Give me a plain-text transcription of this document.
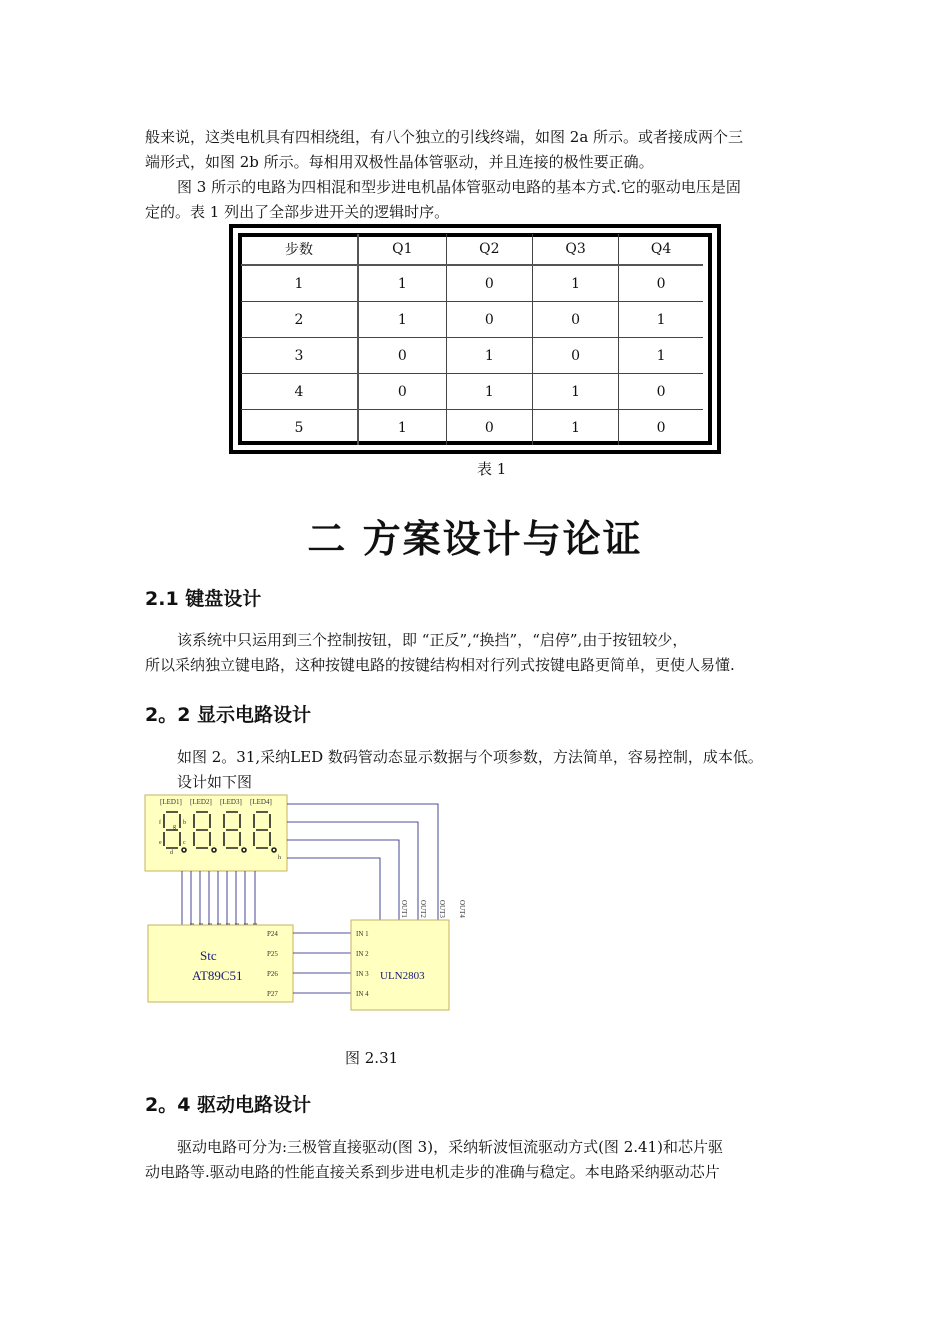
般来说，这类电机具有四相绕组，有八个独立的引线终端，如图 2a 所示。或者接成两个三
端形式，如图 2b 所示。每相用双极性晶体管驱动，并且连接的极性要正确。
图 3 所示的电路为四相混和型步进电机晶体管驱动电路的基本方式.它的驱动电压是固
定的。表 1 列出了全部步进开关的逻辑时序。
步数	Q1	Q2	Q3	Q4
1	1	0	1	0
2	1	0	0	1
3	0	1	0	1
4	0	1	1	0
5	1	0	1	0
表 1
二 方案设计与论证
2.1 键盘设计
该系统中只运用到三个控制按钮，即 “正反”,“换挡”，“启停”,由于按钮较少，
所以采纳独立键电路，这种按键电路的按键结构相对行列式按键电路更简单，更使人易懂.
2。2 显示电路设计
如图 2。31,采纳LED 数码管动态显示数据与个项参数，方法简单，容易控制，成本低。
设计如下图
[LED1] [LED2] [LED3] [LED4]
f
g
b
e	c
d
h
OUT1 OUT2 OUT3 OUT4
Stc
AT89C51
P24
P25
P26
P27
IN 1
IN 2
IN 3
IN 4
ULN2803
图 2.31
2。4 驱动电路设计
驱动电路可分为:三极管直接驱动(图 3)，采纳斩波恒流驱动方式(图 2.41)和芯片驱
动电路等.驱动电路的性能直接关系到步进电机走步的准确与稳定。本电路采纳驱动芯片
